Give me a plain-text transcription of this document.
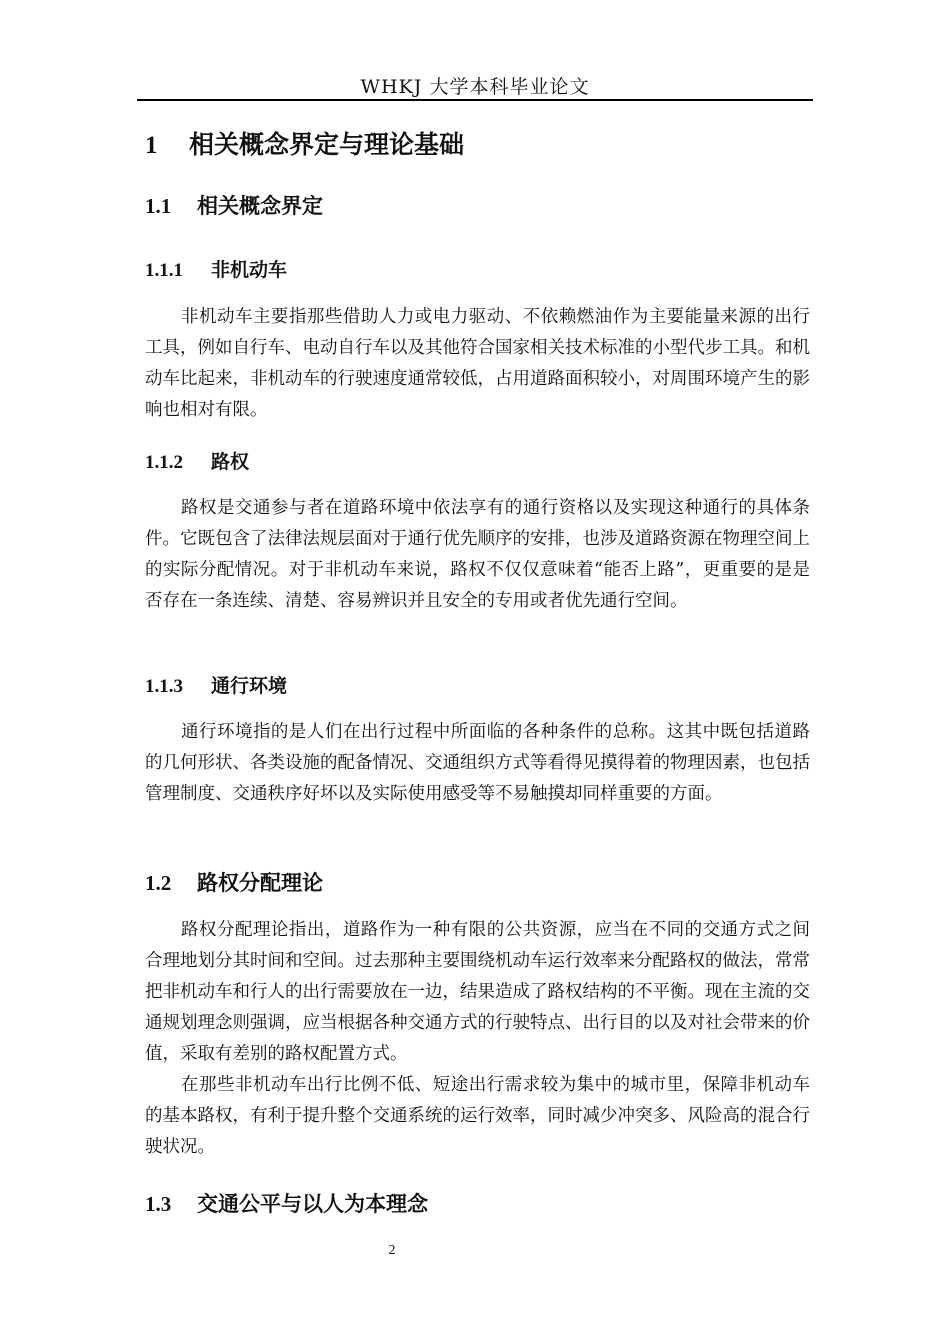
WHKJ 大学本科毕业论文
1 相关概念界定与理论基础
1.1 相关概念界定
1.1.1 非机动车

非机动车主要指那些借助人力或电力驱动、不依赖燃油作为主要能量来源的出行工具，例如自行车、电动自行车以及其他符合国家相关技术标准的小型代步工具。和机动车比起来，非机动车的行驶速度通常较低，占用道路面积较小，对周围环境产生的影响也相对有限。

1.1.2 路权

路权是交通参与者在道路环境中依法享有的通行资格以及实现这种通行的具体条件。它既包含了法律法规层面对于通行优先顺序的安排，也涉及道路资源在物理空间上的实际分配情况。对于非机动车来说，路权不仅仅意味着“能否上路”，更重要的是是否存在一条连续、清楚、容易辨识并且安全的专用或者优先通行空间。

1.1.3 通行环境

通行环境指的是人们在出行过程中所面临的各种条件的总称。这其中既包括道路的几何形状、各类设施的配备情况、交通组织方式等看得见摸得着的物理因素，也包括管理制度、交通秩序好坏以及实际使用感受等不易触摸却同样重要的方面。

1.2 路权分配理论

路权分配理论指出，道路作为一种有限的公共资源，应当在不同的交通方式之间合理地划分其时间和空间。过去那种主要围绕机动车运行效率来分配路权的做法，常常把非机动车和行人的出行需要放在一边，结果造成了路权结构的不平衡。现在主流的交通规划理念则强调，应当根据各种交通方式的行驶特点、出行目的以及对社会带来的价值，采取有差别的路权配置方式。

在那些非机动车出行比例不低、短途出行需求较为集中的城市里，保障非机动车的基本路权，有利于提升整个交通系统的运行效率，同时减少冲突多、风险高的混合行驶状况。

1.3 交通公平与以人为本理念
2
